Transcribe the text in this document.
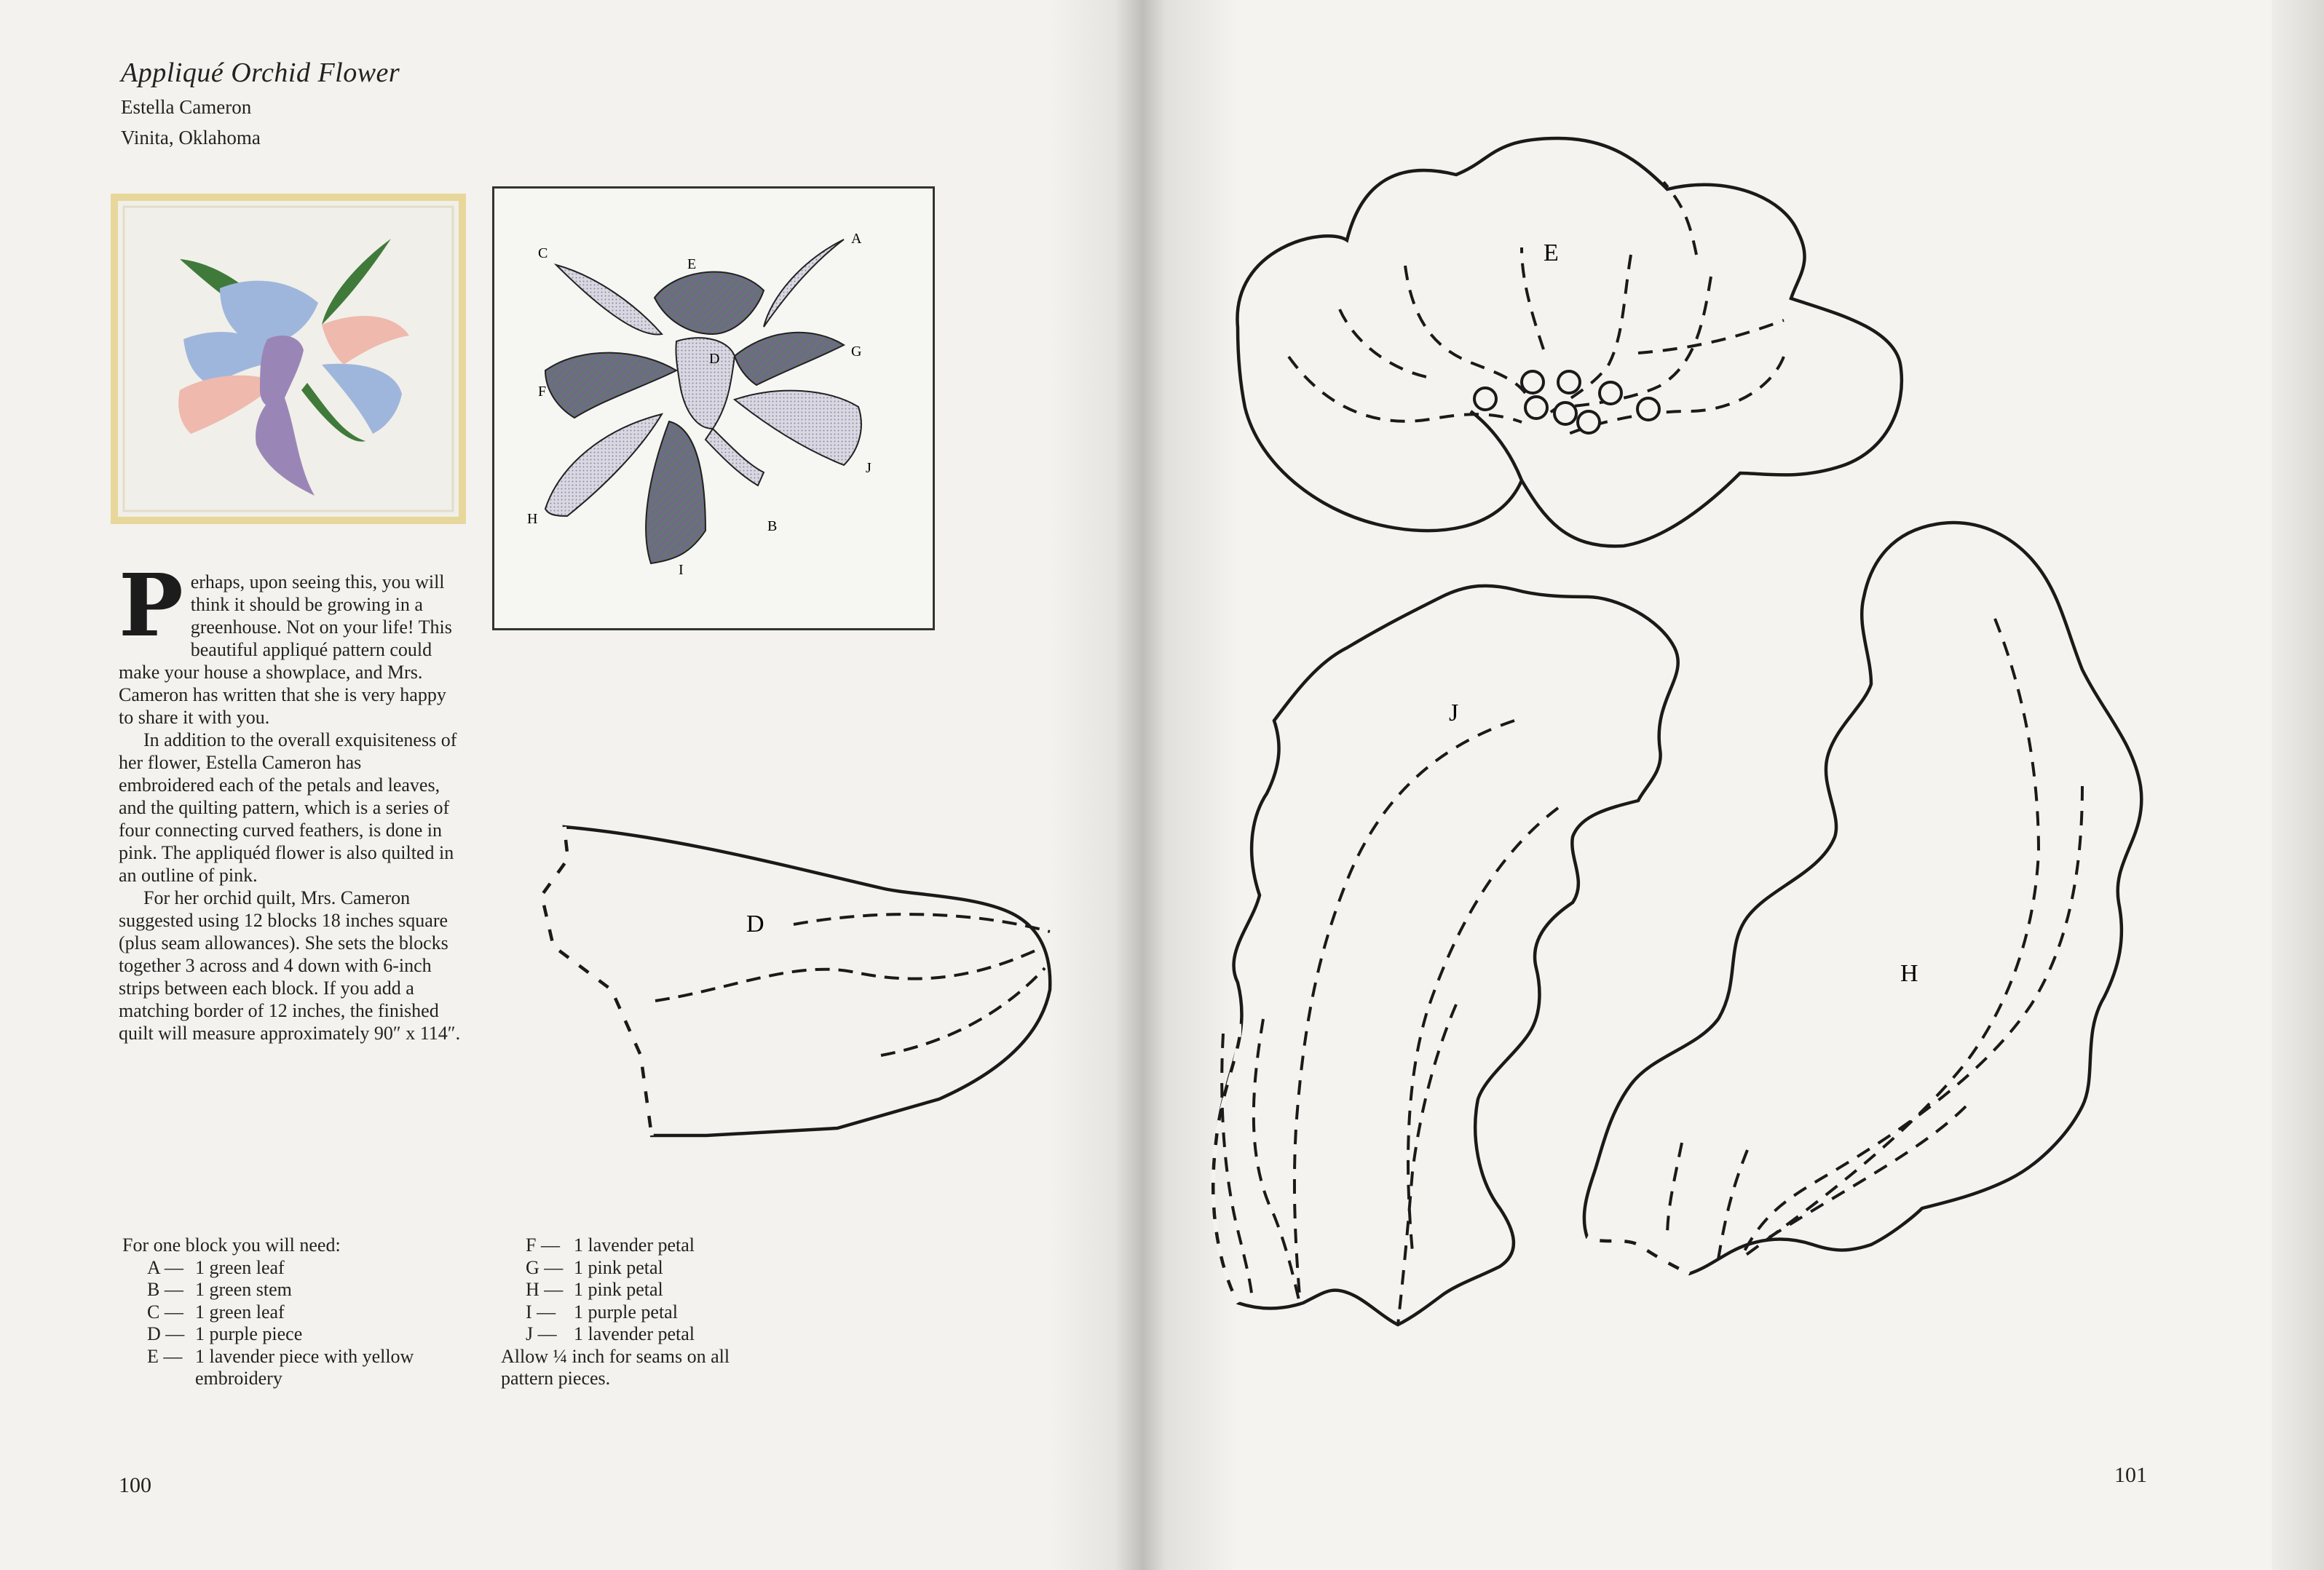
Appliqué Orchid Flower
Estella Cameron
Vinita, Oklahoma
C
A
E
D	G
F
J
H	B
I

Perhaps, upon seeing this, you will think it should be growing in a greenhouse. Not on your life! This beautiful appliqué pattern could make your house a showplace, and Mrs. Cameron has written that she is very happy to share it with you.

In addition to the overall exquisiteness of her flower, Estella Cameron has embroidered each of the petals and leaves, and the quilting pattern, which is a series of four connecting curved feathers, is done in pink. The appliquéd flower is also quilted in an outline of pink.

For her orchid quilt, Mrs. Cameron suggested using 12 blocks 18 inches square (plus seam allowances). She sets the blocks together 3 across and 4 down with 6-inch strips between each block. If you add a matching border of 12 inches, the finished quilt will measure approximately 90″ x 114″.

For one block you will need:
A — 1 green leaf
B — 1 green stem
C — 1 green leaf
D — 1 purple piece
E — 1 lavender piece with yellow
embroidery
F — 1 lavender petal
G — 1 pink petal
H — 1 pink petal
I — 1 purple petal
J — 1 lavender petal
Allow ¼ inch for seams on all
pattern pieces.
D
E
J
H
100	101
